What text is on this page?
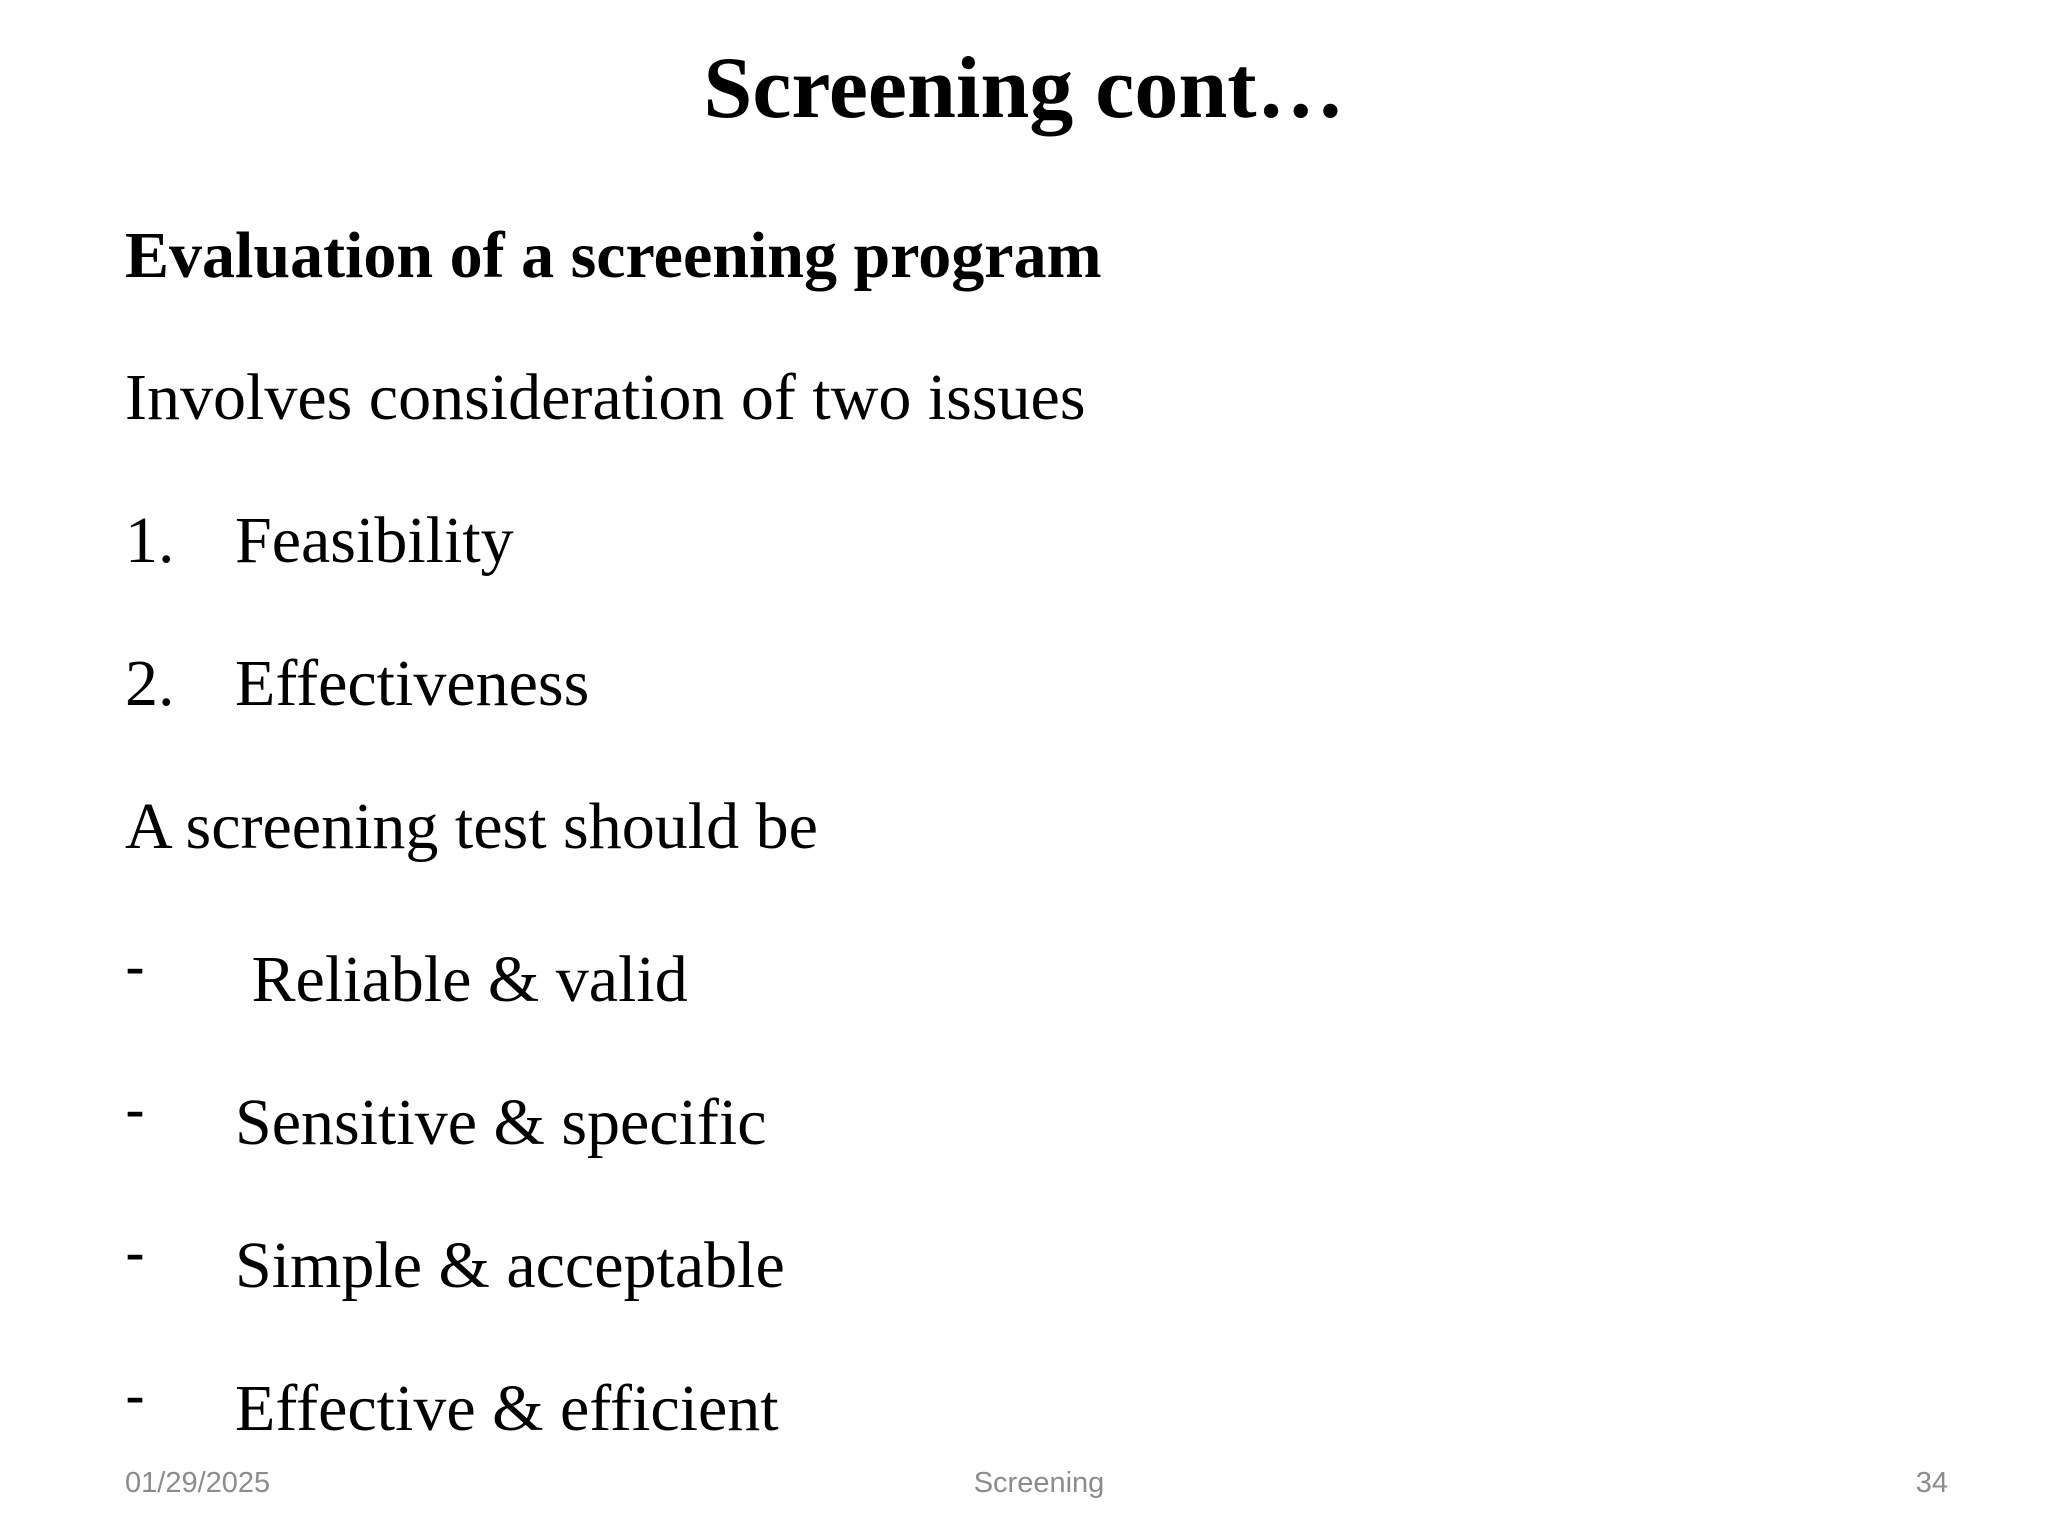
Screening cont…
Evaluation of a screening program
Involves consideration of two issues
1. Feasibility
2. Effectiveness
A screening test should be
- Reliable & valid
- Sensitive & specific
- Simple & acceptable
- Effective & efficient
01/29/2025	Screening	34
